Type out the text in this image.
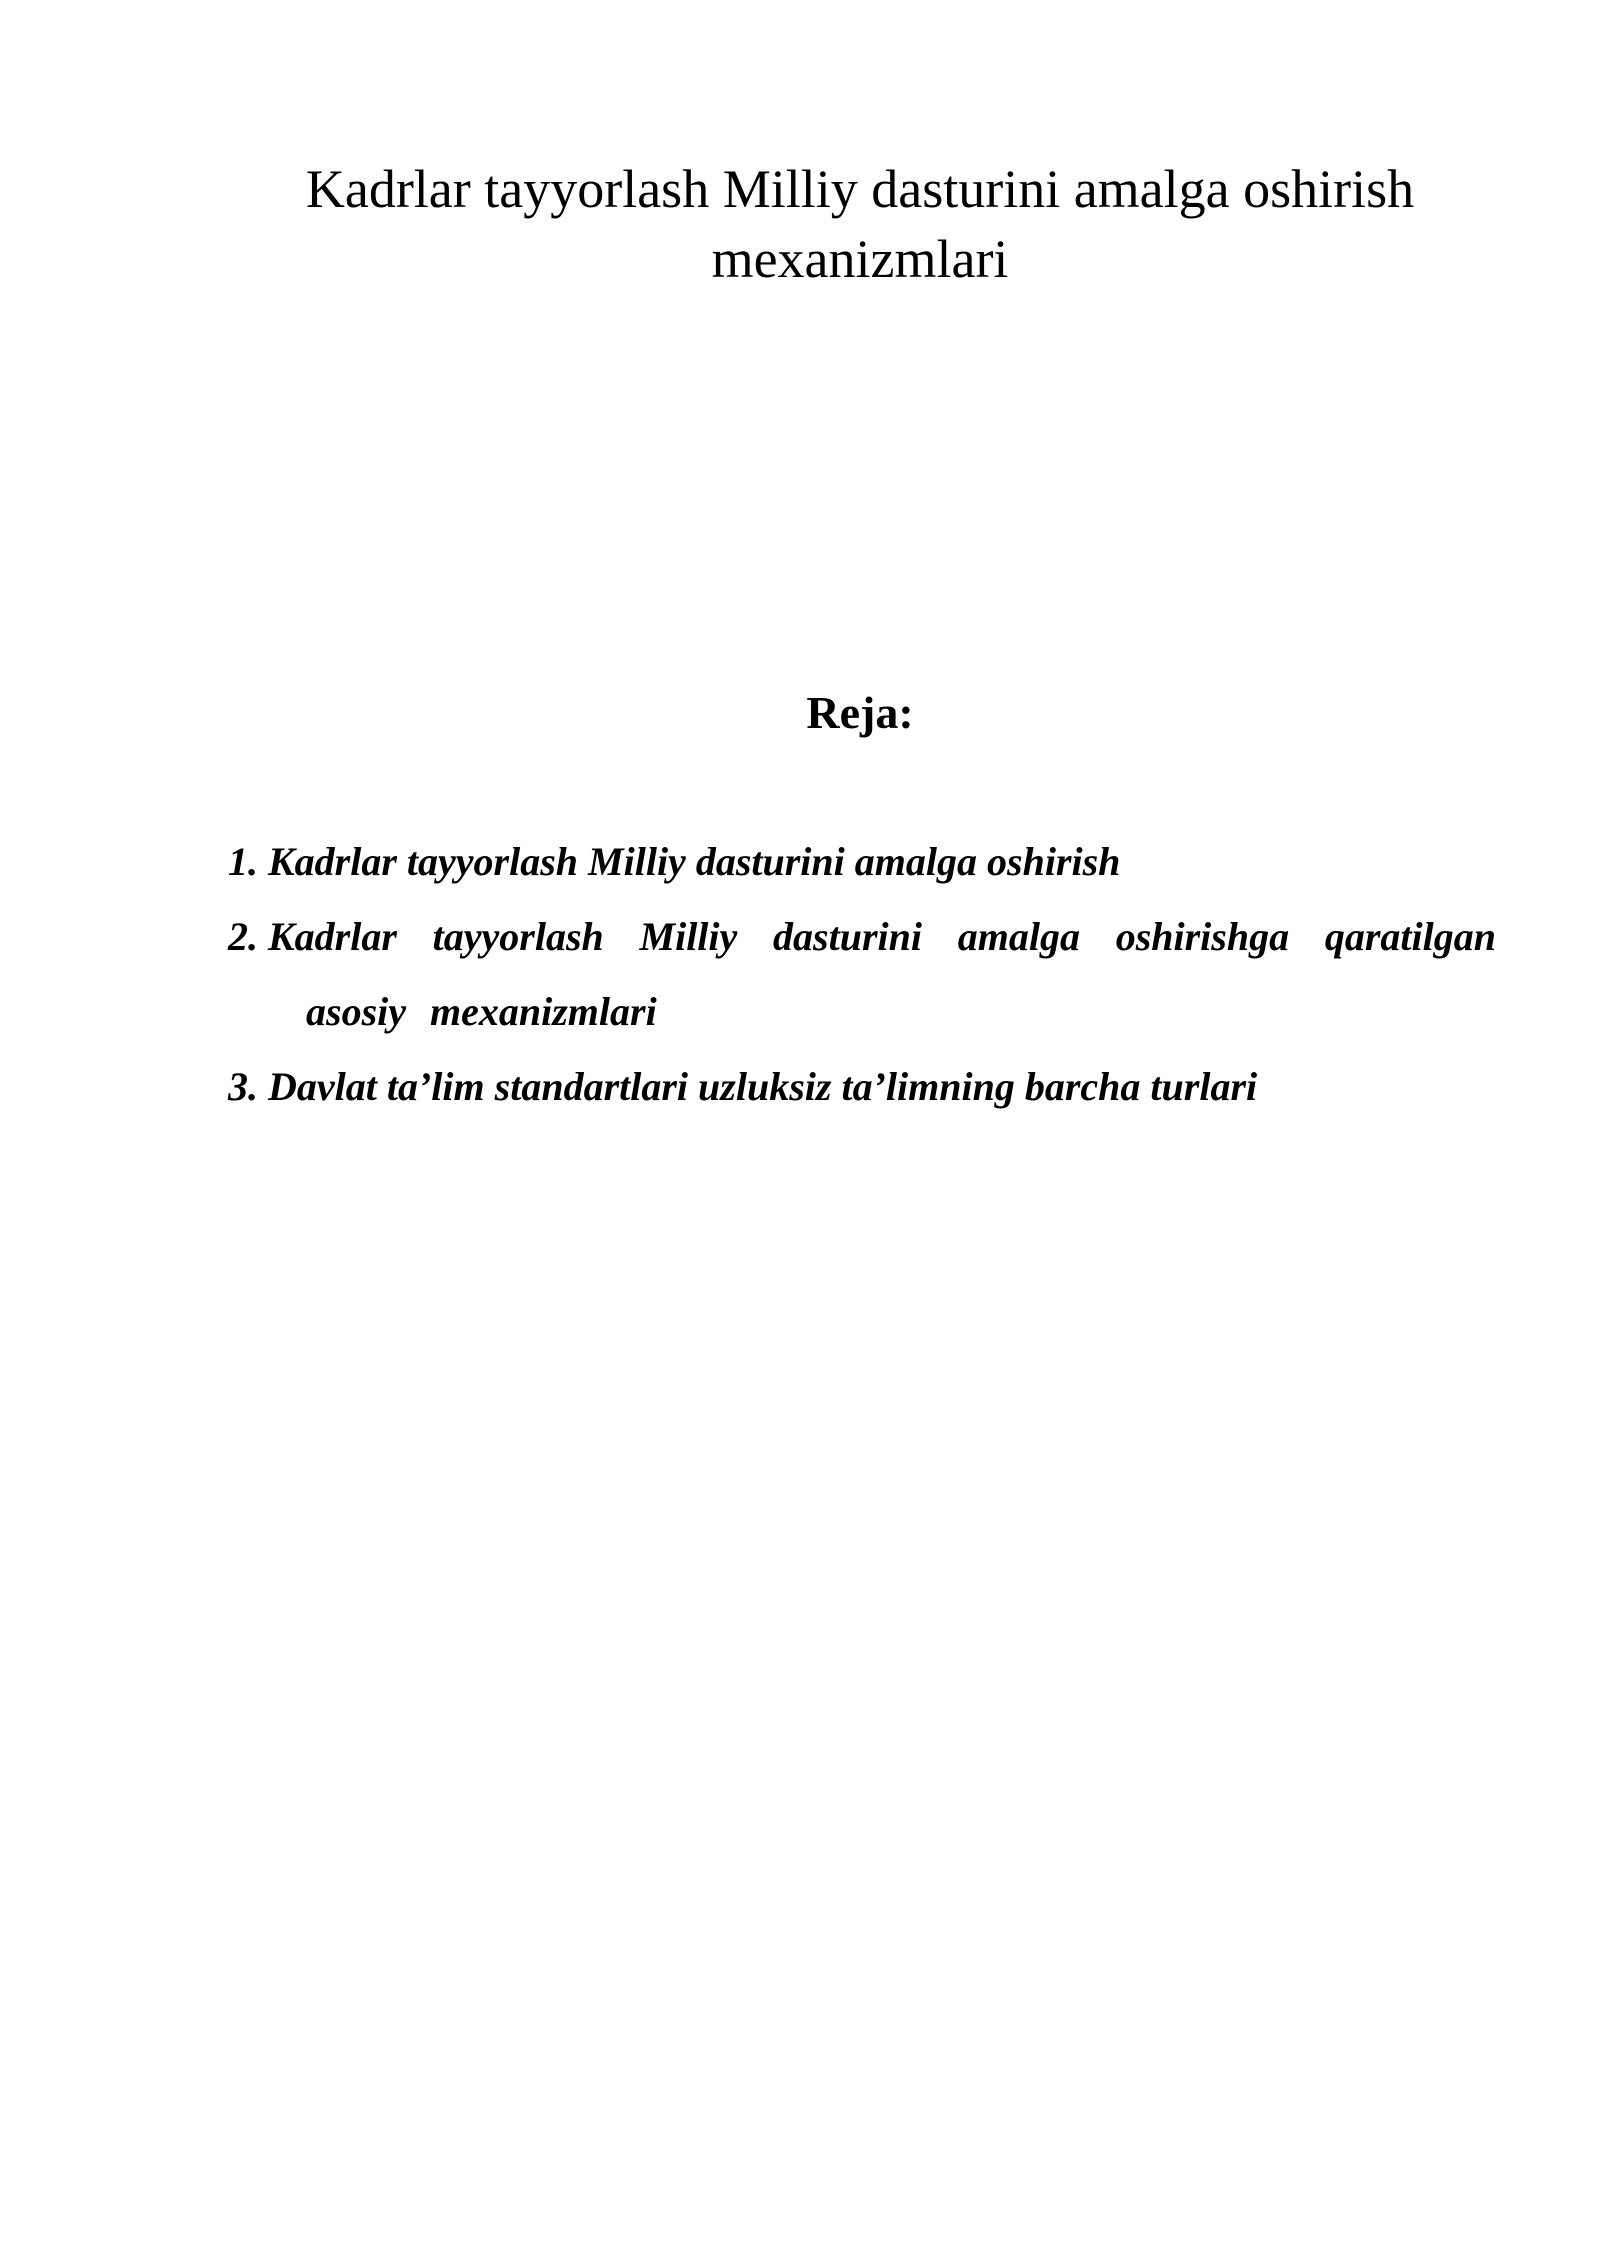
Kadrlar tayyorlash Milliy dasturini amalga oshirish mexanizmlari
Reja:
1. Kadrlar tayyorlash Milliy dasturini amalga oshirish
2. Kadrlar tayyorlash Milliy dasturini amalga oshirishga qaratilgan asosiy mexanizmlari
3. Davlat ta’lim standartlari uzluksiz ta’limning barcha turlari
